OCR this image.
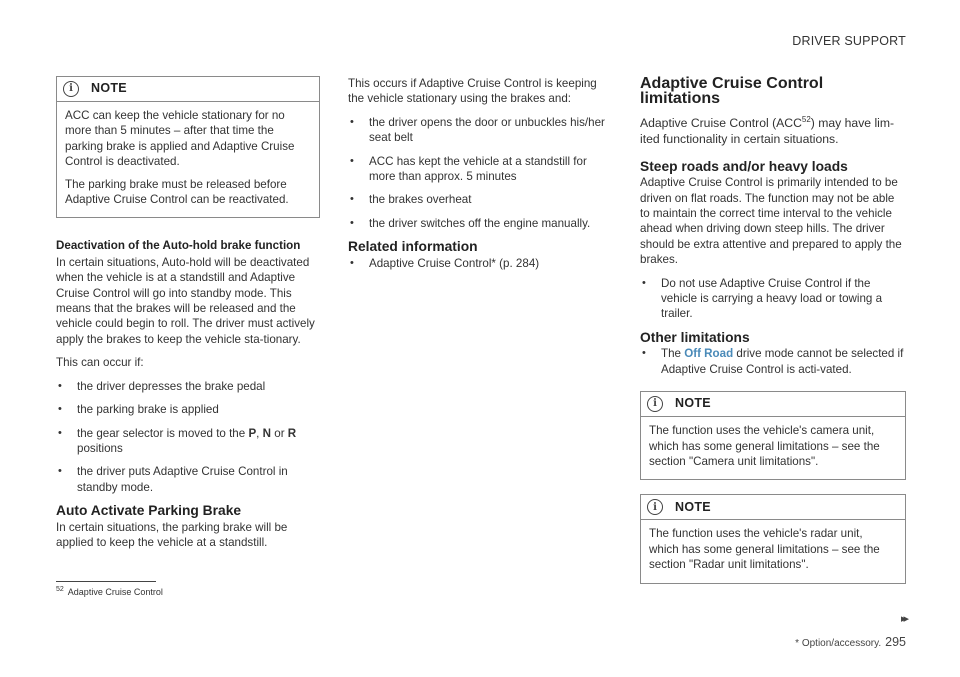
DRIVER SUPPORT
i	NOTE

ACC can keep the vehicle stationary for no more than 5 minutes – after that time the parking brake is applied and Adaptive Cruise Control is deactivated.

The parking brake must be released before Adaptive Cruise Control can be reactivated.

Deactivation of the Auto-hold brake function

In certain situations, Auto-hold will be deactivated when the vehicle is at a standstill and Adaptive Cruise Control will go into standby mode. This means that the brakes will be released and the vehicle could begin to roll. The driver must actively apply the brakes to keep the vehicle sta-tionary.

This can occur if:

• the driver depresses the brake pedal
• the parking brake is applied
• the gear selector is moved to the P, N or R positions
• the driver puts Adaptive Cruise Control in standby mode.
Auto Activate Parking Brake

In certain situations, the parking brake will be applied to keep the vehicle at a standstill.

This occurs if Adaptive Cruise Control is keeping the vehicle stationary using the brakes and:

• the driver opens the door or unbuckles his/her seat belt
• ACC has kept the vehicle at a standstill for more than approx. 5 minutes
• the brakes overheat
• the driver switches off the engine manually.
Related information
• Adaptive Cruise Control* (p. 284)
Adaptive Cruise Control limitations

Adaptive Cruise Control (ACC$^{52}$) may have lim-ited functionality in certain situations.

Steep roads and/or heavy loads

Adaptive Cruise Control is primarily intended to be driven on flat roads. The function may not be able to maintain the correct time interval to the vehicle ahead when driving down steep hills. The driver should be extra attentive and prepared to apply the brakes.

• Do not use Adaptive Cruise Control if the vehicle is carrying a heavy load or towing a trailer.
Other limitations
• The Off Road drive mode cannot be selected if Adaptive Cruise Control is acti-vated.
i	NOTE

The function uses the vehicle's camera unit, which has some general limitations – see the section "Camera unit limitations".

i	NOTE

The function uses the vehicle's radar unit, which has some general limitations – see the section "Radar unit limitations".

$^{52}$ Adaptive Cruise Control
▸▸
* Option/accessory. 295
